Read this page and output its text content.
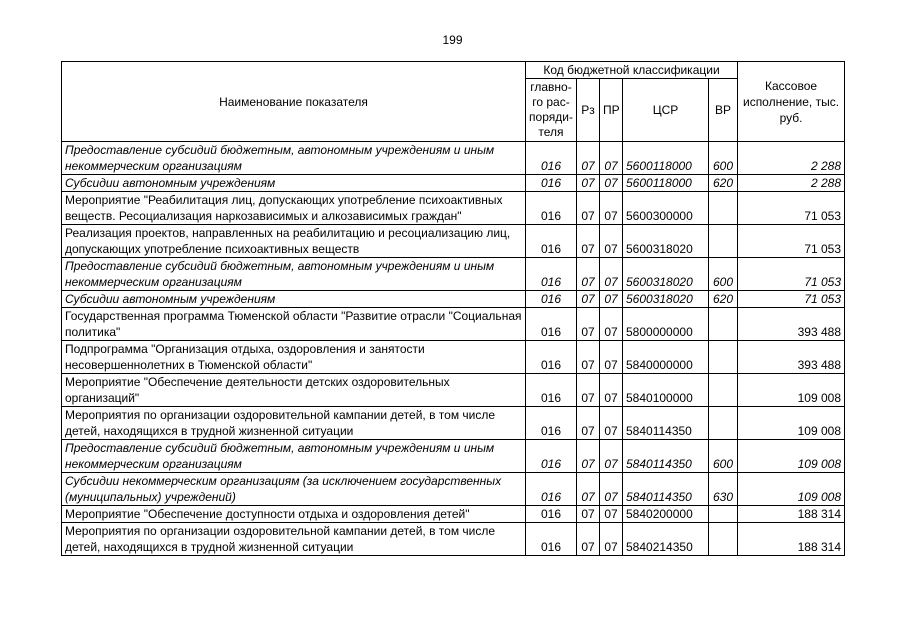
199
Наименование показателя	Код бюджетной классификации					Кассовое исполнение, тыс. руб.
	главно-го рас-поряди-теля	Рз	ПР	ЦСР	ВР	
Предоставление субсидий бюджетным, автономным учреждениям и иным некоммерческим организациям	016	07	07	5600118000	600	2 288
Субсидии автономным учреждениям	016	07	07	5600118000	620	2 288
Мероприятие "Реабилитация лиц, допускающих употребление психоактивных веществ. Ресоциализация наркозависимых и алкозависимых граждан"	016	07	07	5600300000		71 053
Реализация проектов, направленных на реабилитацию и ресоциализацию лиц, допускающих употребление психоактивных веществ	016	07	07	5600318020		71 053
Предоставление субсидий бюджетным, автономным учреждениям и иным некоммерческим организациям	016	07	07	5600318020	600	71 053
Субсидии автономным учреждениям	016	07	07	5600318020	620	71 053
Государственная программа Тюменской области "Развитие отрасли "Социальная политика"	016	07	07	5800000000		393 488
Подпрограмма "Организация отдыха, оздоровления и занятости несовершеннолетних в Тюменской области"	016	07	07	5840000000		393 488
Мероприятие "Обеспечение деятельности детских оздоровительных организаций"	016	07	07	5840100000		109 008
Мероприятия по организации оздоровительной кампании детей, в том числе детей, находящихся в трудной жизненной ситуации	016	07	07	5840114350		109 008
Предоставление субсидий бюджетным, автономным учреждениям и иным некоммерческим организациям	016	07	07	5840114350	600	109 008
Субсидии некоммерческим организациям (за исключением государственных (муниципальных) учреждений)	016	07	07	5840114350	630	109 008
Мероприятие "Обеспечение доступности отдыха и оздоровления детей"	016	07	07	5840200000		188 314
Мероприятия по организации оздоровительной кампании детей, в том числе детей, находящихся в трудной жизненной ситуации	016	07	07	5840214350		188 314
